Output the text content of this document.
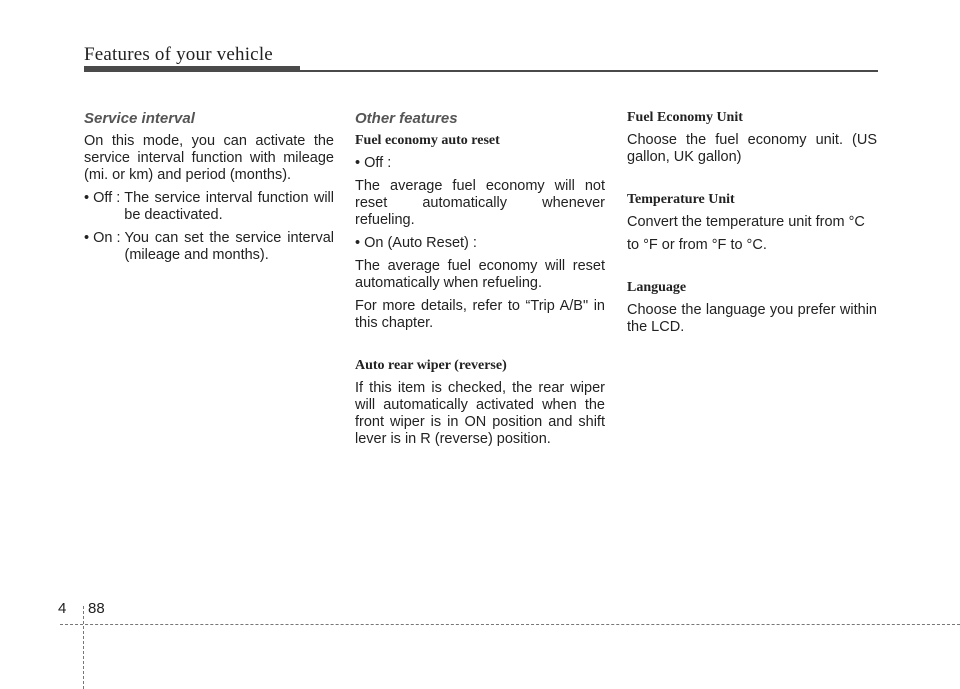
Features of your vehicle
Service interval

On this mode, you can activate the service interval function with mileage (mi. or km) and period (months).

• Off : The service interval function will be deactivated.
• On : You can set the service interval (mileage and months).
Other features
Fuel economy auto reset
• Off :

The average fuel economy will not reset automatically whenever refueling.

• On (Auto Reset) :

The average fuel economy will reset automatically when refueling.

For more details, refer to “Trip A/B" in this chapter.

Auto rear wiper (reverse)

If this item is checked, the rear wiper will automatically activated when the front wiper is in ON position and shift lever is in R (reverse) position.

Fuel Economy Unit

Choose the fuel economy unit. (US gallon, UK gallon)

Temperature Unit

Convert the temperature unit from °C

to °F or from °F to °C.

Language

Choose the language you prefer within the LCD.

4 88
